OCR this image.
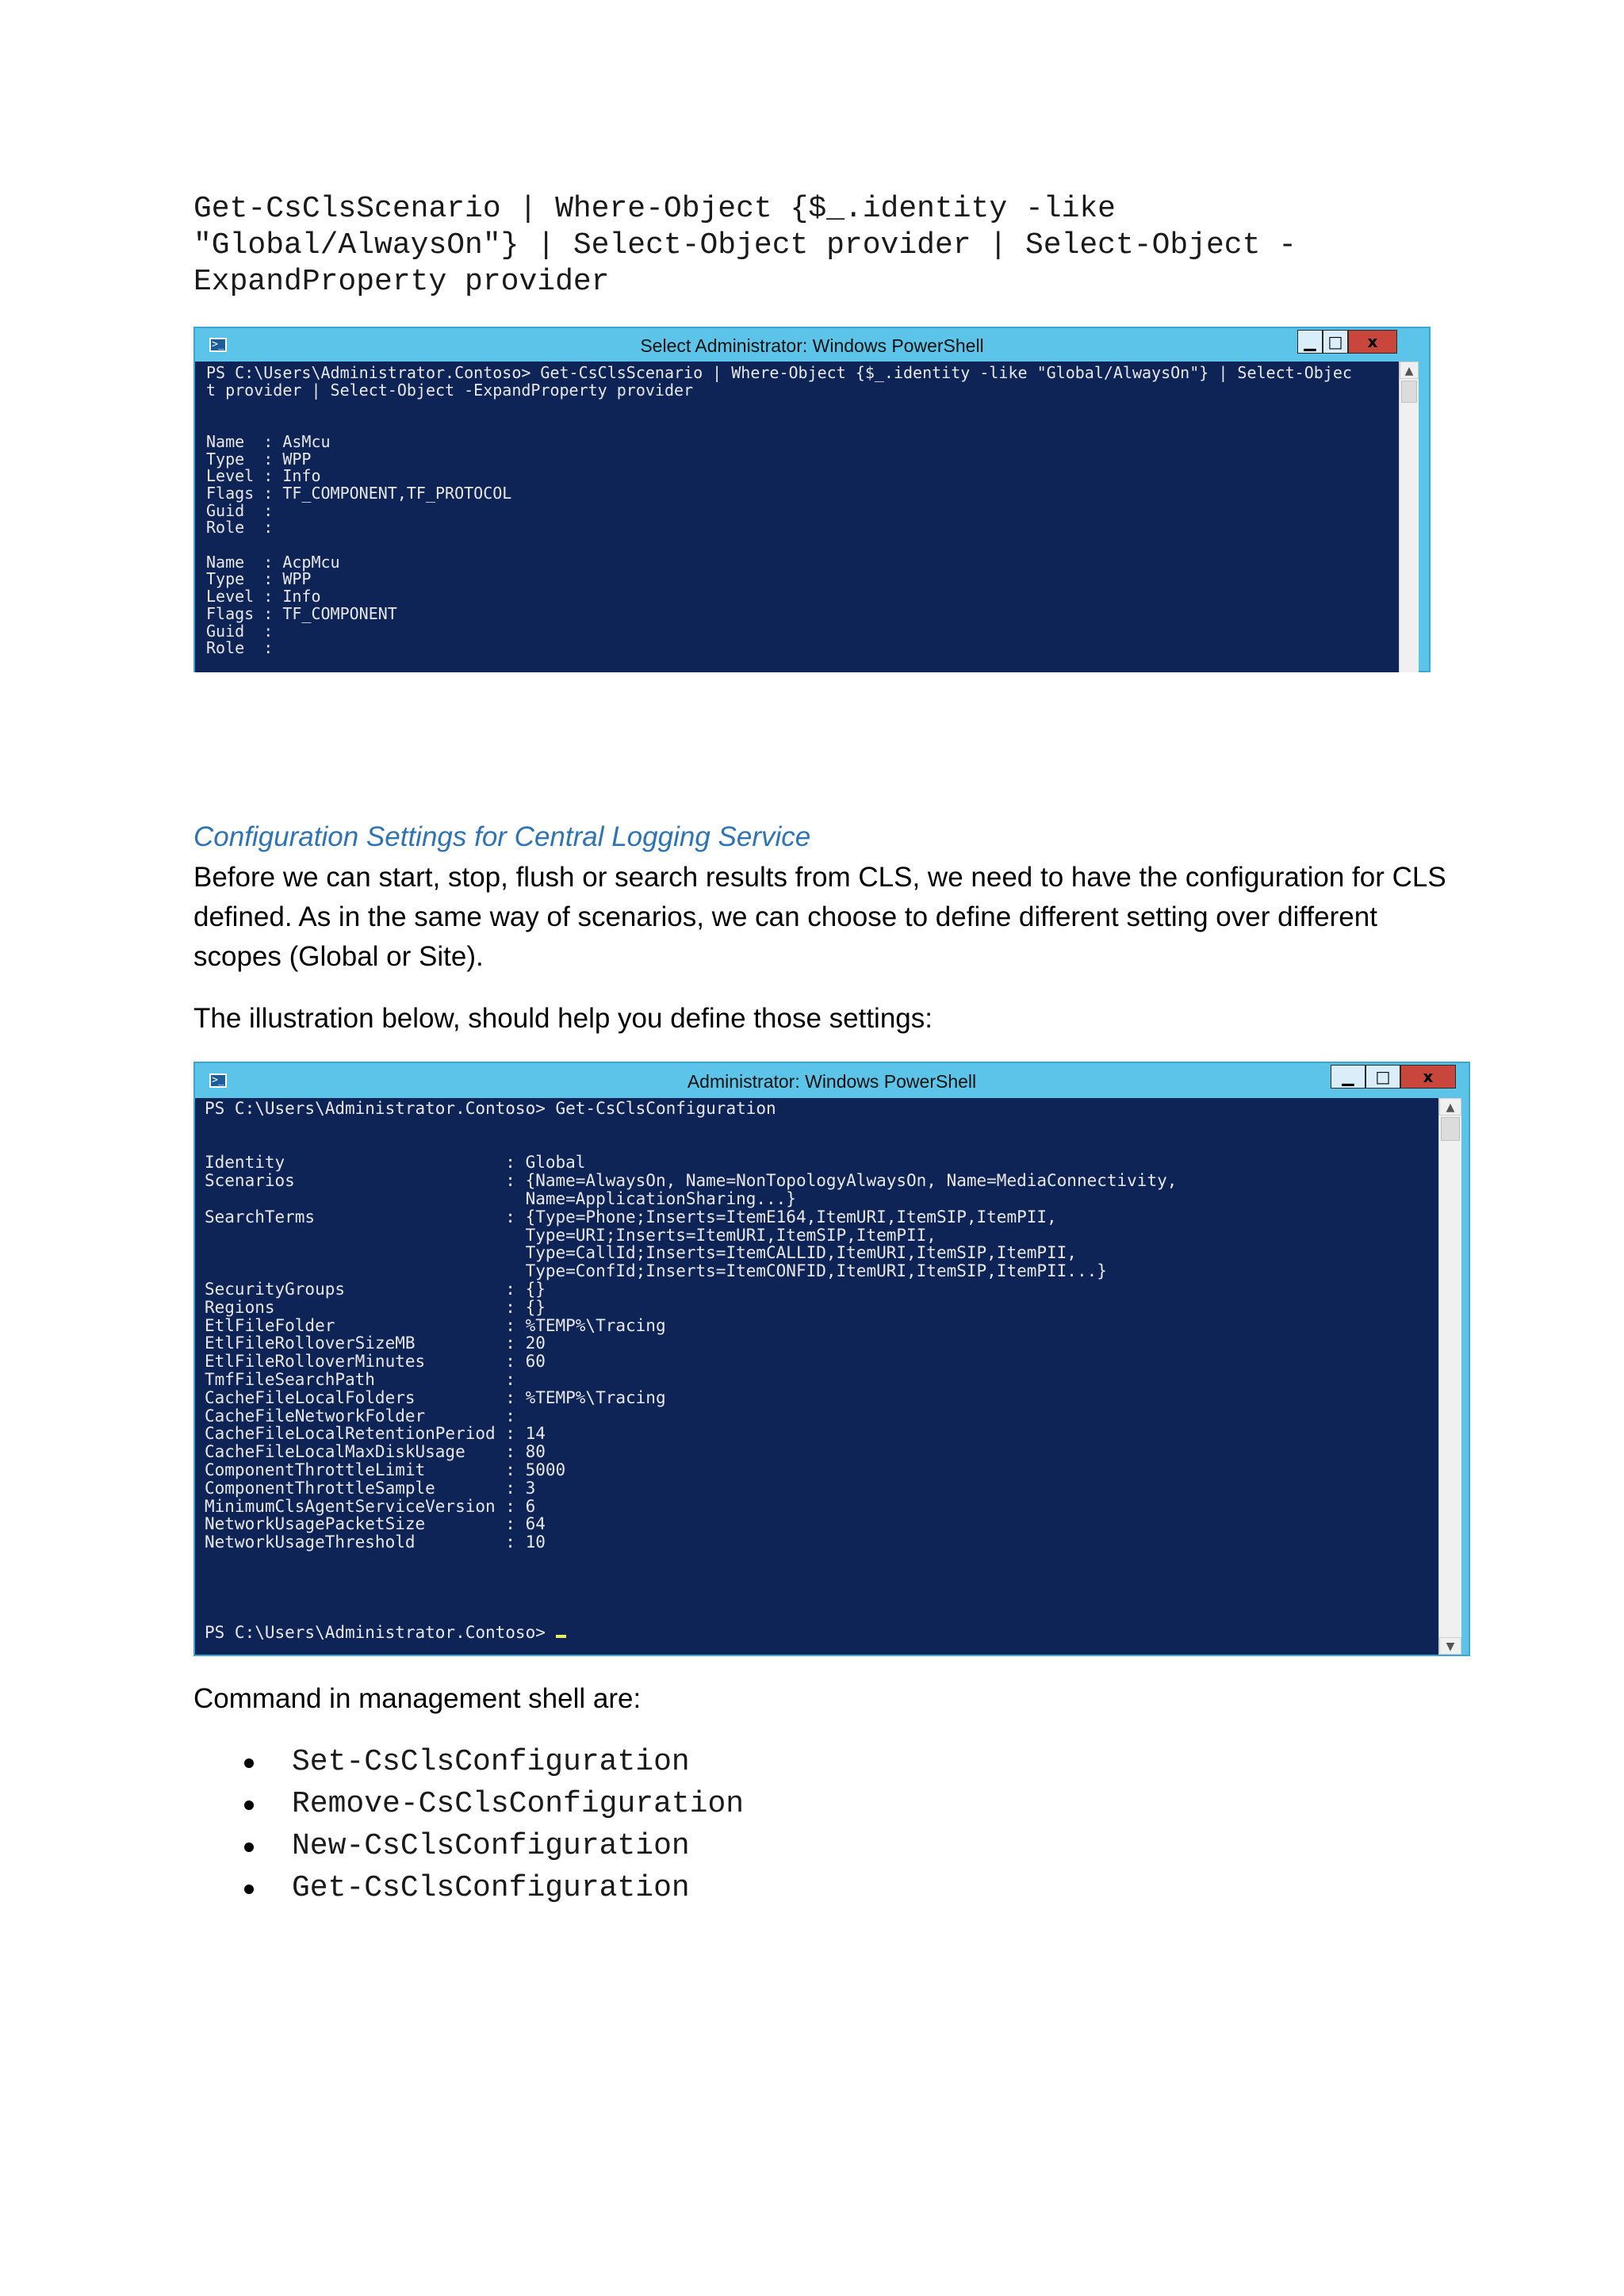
Get-CsClsScenario | Where-Object {$_.identity -like
"Global/AlwaysOn"} | Select-Object provider | Select-Object -
ExpandProperty provider
>_	Select Administrator: Windows PowerShell	▁ □	x
PS C:\Users\Administrator.Contoso> Get-CsClsScenario | Where-Object {$_.identity -like "Global/AlwaysOn"} | Select-Objec
t provider | Select-Object -ExpandProperty provider

Name  : AsMcu
Type  : WPP
Level : Info
Flags : TF_COMPONENT,TF_PROTOCOL
Guid  :
Role  :

Name  : AcpMcu
Type  : WPP
Level : Info
Flags : TF_COMPONENT
Guid  :
Role  :
▲
Configuration Settings for Central Logging Service
Before we can start, stop, flush or search results from CLS, we need to have the configuration for CLS defined. As in the same way of scenarios, we can choose to define different setting over different scopes (Global or Site).
The illustration below, should help you define those settings:
>_	Administrator: Windows PowerShell	▁	□	x
PS C:\Users\Administrator.Contoso> Get-CsClsConfiguration

Identity                      : Global
Scenarios                     : {Name=AlwaysOn, Name=NonTopologyAlwaysOn, Name=MediaConnectivity,
Name=ApplicationSharing...}
SearchTerms                   : {Type=Phone;Inserts=ItemE164,ItemURI,ItemSIP,ItemPII,
Type=URI;Inserts=ItemURI,ItemSIP,ItemPII,
Type=CallId;Inserts=ItemCALLID,ItemURI,ItemSIP,ItemPII,
Type=ConfId;Inserts=ItemCONFID,ItemURI,ItemSIP,ItemPII...}
SecurityGroups                : {}
Regions                       : {}
EtlFileFolder                 : %TEMP%\Tracing
EtlFileRolloverSizeMB         : 20
EtlFileRolloverMinutes        : 60
TmfFileSearchPath             :
CacheFileLocalFolders         : %TEMP%\Tracing
CacheFileNetworkFolder        :
CacheFileLocalRetentionPeriod : 14
CacheFileLocalMaxDiskUsage    : 80
ComponentThrottleLimit        : 5000
ComponentThrottleSample       : 3
MinimumClsAgentServiceVersion : 6
NetworkUsagePacketSize        : 64
NetworkUsageThreshold         : 10

PS C:\Users\Administrator.Contoso>
▲
▼
Command in management shell are:
Set-CsClsConfiguration
Remove-CsClsConfiguration
New-CsClsConfiguration
Get-CsClsConfiguration
